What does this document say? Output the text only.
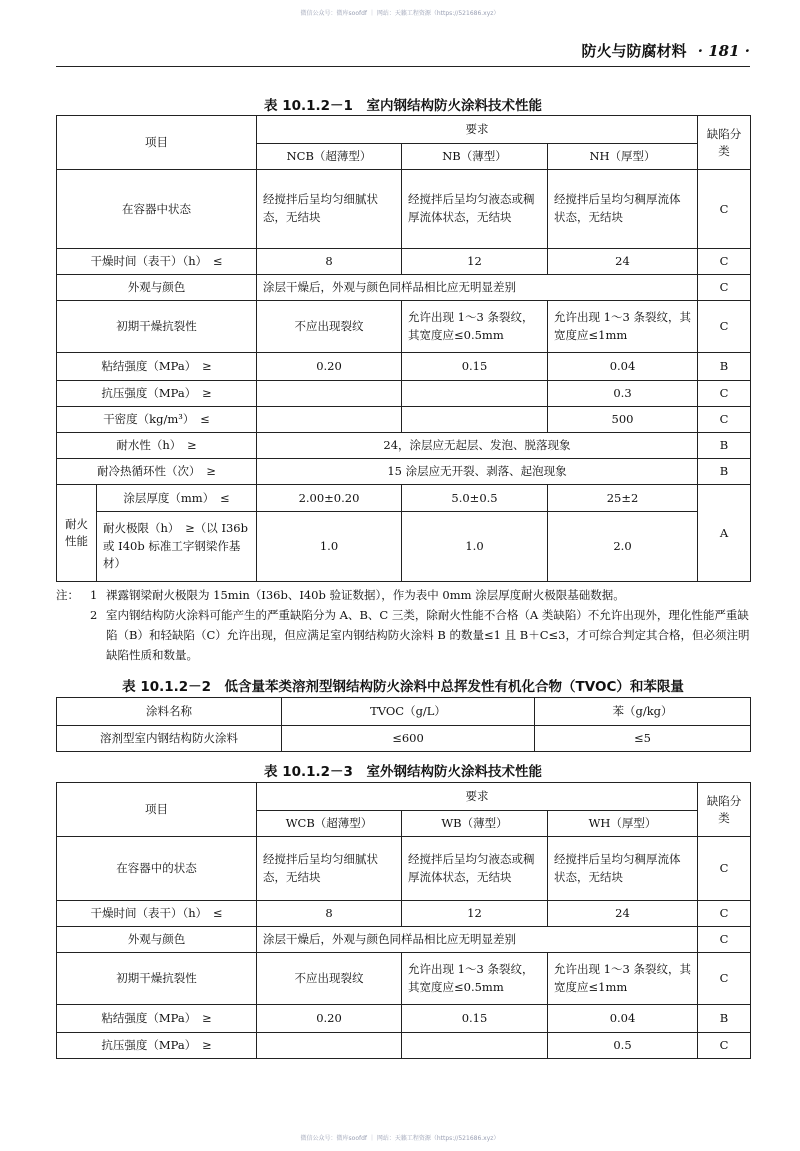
微信公众号：微库soofdf ｜ 网站：天籁工程资源（https://521686.xyz）
防火与防腐材料 · 181 ·
表 10.1.2－1　室内钢结构防火涂料技术性能
项目		要求			缺陷分类
		NCB（超薄型）	NB（薄型）	NH（厚型）	
在容器中状态		经搅拌后呈均匀细腻状态，无结块	经搅拌后呈均匀液态或稠厚流体状态，无结块	经搅拌后呈均匀稠厚流体状态，无结块	C
干燥时间（表干）（h）　≤		8	12	24	C
外观与颜色		涂层干燥后，外观与颜色同样品相比应无明显差别			C
初期干燥抗裂性		不应出现裂纹	允许出现 1～3 条裂纹，其宽度应≤0.5mm	允许出现 1～3 条裂纹，其宽度应≤1mm	C
粘结强度（MPa）　≥		0.20	0.15	0.04	B
抗压强度（MPa）　≥				0.3	C
干密度（kg/m³）　≤				500	C
耐水性（h）　≥		24，涂层应无起层、发泡、脱落现象			B
耐冷热循环性（次）　≥		15 涂层应无开裂、剥落、起泡现象			B
耐火性能	涂层厚度（mm）　≤	2.00±0.20	5.0±0.5	25±2	A
	耐火极限（h）　≥（以 I36b 或 I40b 标准工字钢梁作基材）	1.0	1.0	2.0	
注： 1 裸露钢梁耐火极限为 15min（I36b、I40b 验证数据），作为表中 0mm 涂层厚度耐火极限基础数据。
2 室内钢结构防火涂料可能产生的严重缺陷分为 A、B、C 三类，除耐火性能不合格（A 类缺陷）不允许出现外，理化性能严重缺陷（B）和轻缺陷（C）允许出现，但应满足室内钢结构防火涂料 B 的数量≤1 且 B＋C≤3，才可综合判定其合格，但必须注明缺陷性质和数量。
表 10.1.2－2　低含量苯类溶剂型钢结构防火涂料中总挥发性有机化合物（TVOC）和苯限量
涂料名称	TVOC（g/L）	苯（g/kg）
溶剂型室内钢结构防火涂料	≤600	≤5
表 10.1.2－3　室外钢结构防火涂料技术性能
项目	要求			缺陷分类
	WCB（超薄型）	WB（薄型）	WH（厚型）	
在容器中的状态	经搅拌后呈均匀细腻状态，无结块	经搅拌后呈均匀液态或稠厚流体状态，无结块	经搅拌后呈均匀稠厚流体状态，无结块	C
干燥时间（表干）（h）　≤	8	12	24	C
外观与颜色	涂层干燥后，外观与颜色同样品相比应无明显差别			C
初期干燥抗裂性	不应出现裂纹	允许出现 1～3 条裂纹，其宽度应≤0.5mm	允许出现 1～3 条裂纹，其宽度应≤1mm	C
粘结强度（MPa）　≥	0.20	0.15	0.04	B
抗压强度（MPa）　≥			0.5	C
微信公众号：微库soofdf ｜ 网站：天籁工程资源（https://521686.xyz）
